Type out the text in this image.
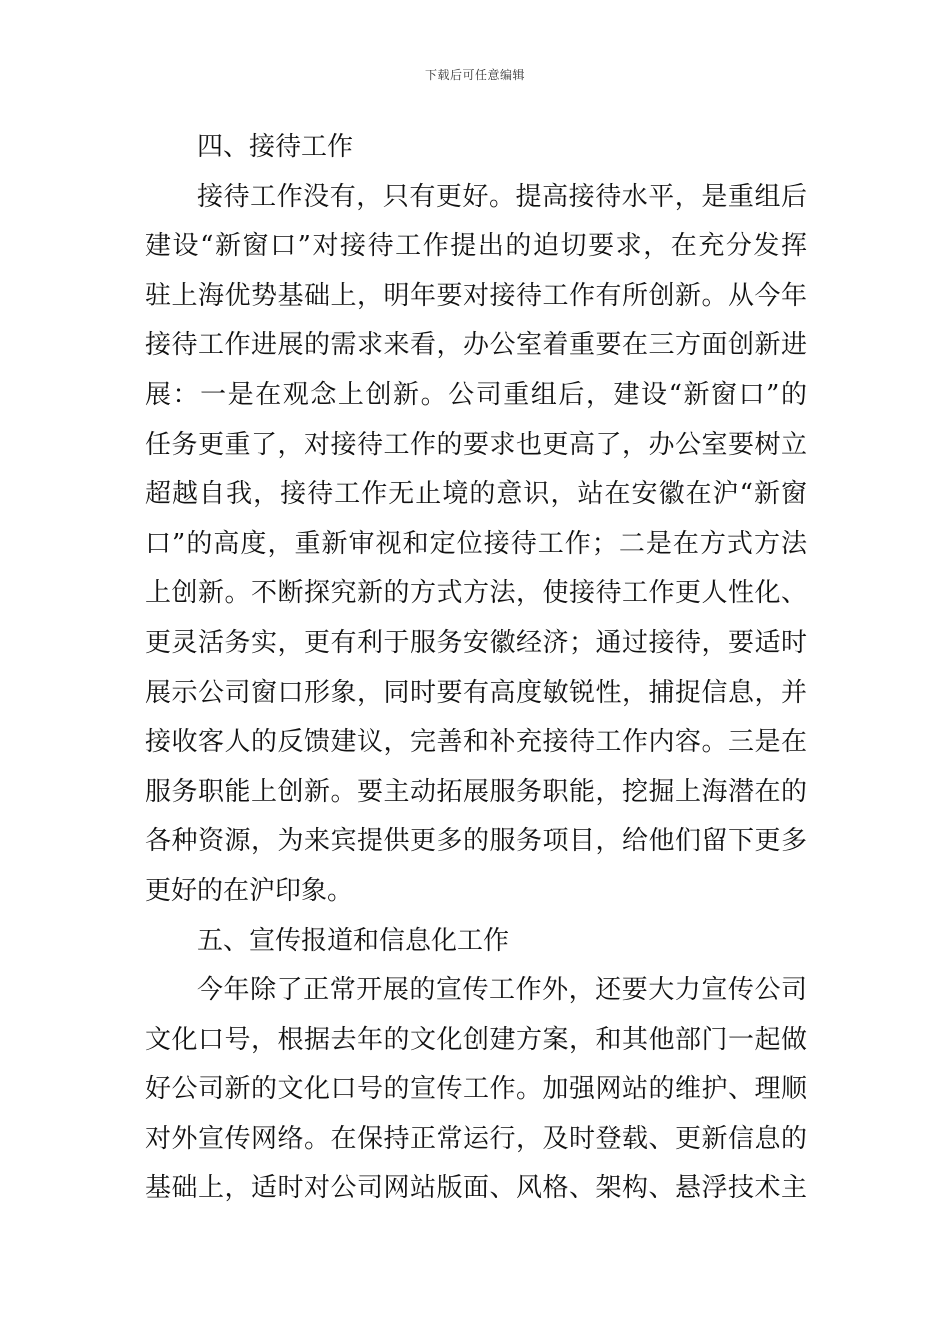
下载后可任意编辑
四、接待工作
接待工作没有，只有更好。提高接待水平，是重组后
建设“新窗口”对接待工作提出的迫切要求，在充分发挥
驻上海优势基础上，明年要对接待工作有所创新。从今年
接待工作进展的需求来看，办公室着重要在三方面创新进
展：一是在观念上创新。公司重组后，建设“新窗口”的
任务更重了，对接待工作的要求也更高了，办公室要树立
超越自我，接待工作无止境的意识，站在安徽在沪“新窗
口”的高度，重新审视和定位接待工作；二是在方式方法
上创新。不断探究新的方式方法，使接待工作更人性化、
更灵活务实，更有利于服务安徽经济；通过接待，要适时
展示公司窗口形象，同时要有高度敏锐性，捕捉信息，并
接收客人的反馈建议，完善和补充接待工作内容。三是在
服务职能上创新。要主动拓展服务职能，挖掘上海潜在的
各种资源，为来宾提供更多的服务项目，给他们留下更多
更好的在沪印象。
五、宣传报道和信息化工作
今年除了正常开展的宣传工作外，还要大力宣传公司
文化口号，根据去年的文化创建方案，和其他部门一起做
好公司新的文化口号的宣传工作。加强网站的维护、理顺
对外宣传网络。在保持正常运行，及时登载、更新信息的
基础上，适时对公司网站版面、风格、架构、悬浮技术主
